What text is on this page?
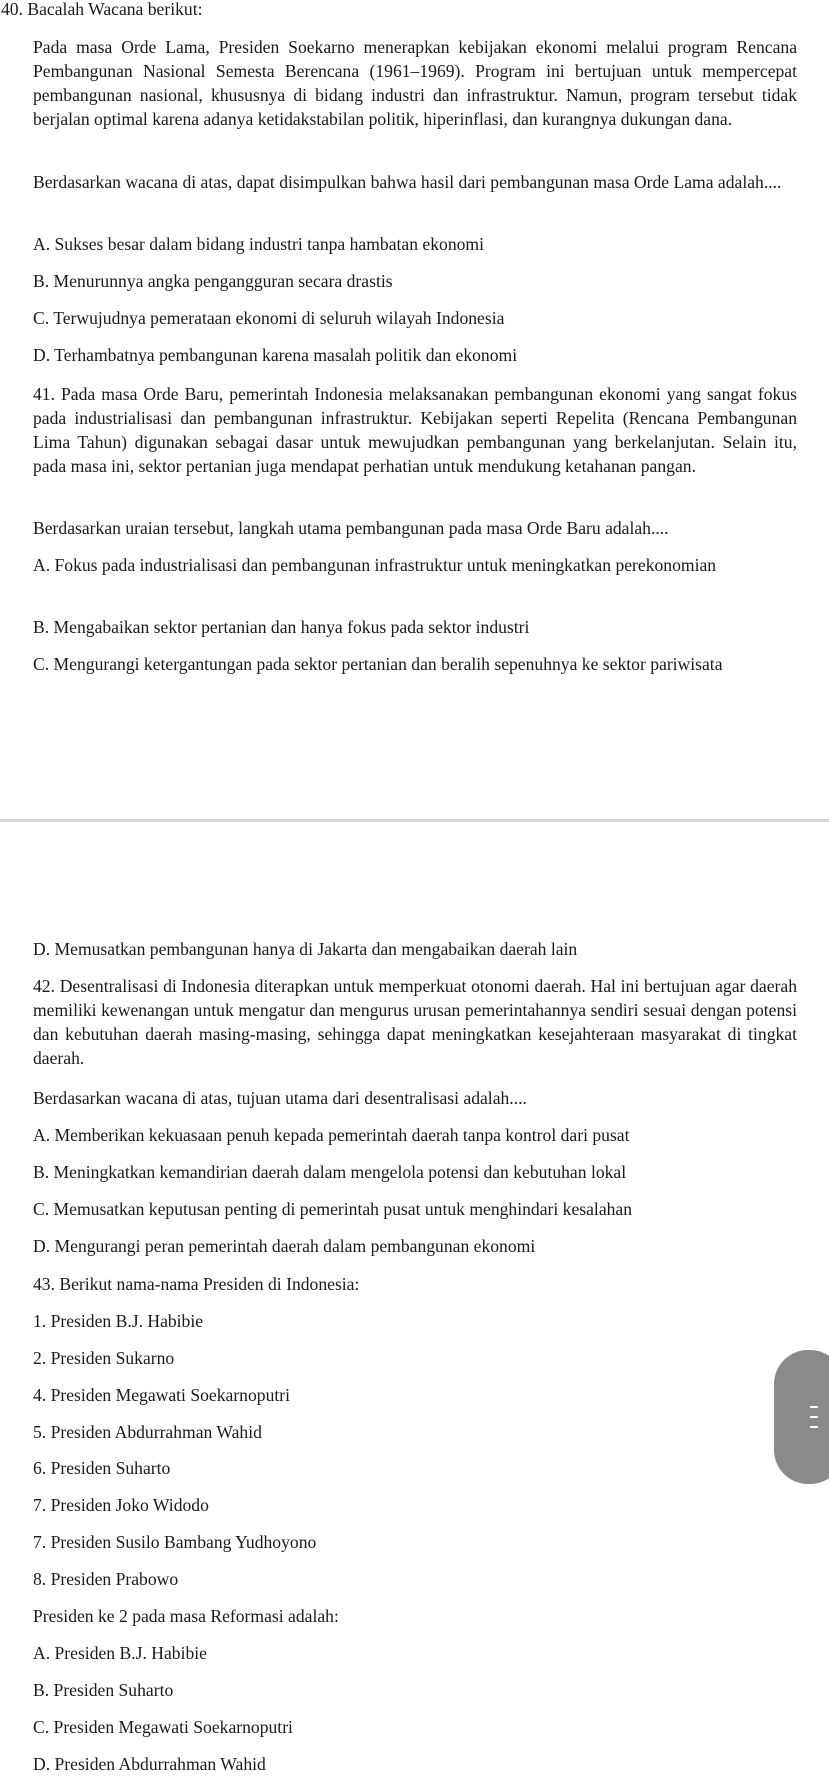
40. Bacalah Wacana berikut:

Pada masa Orde Lama, Presiden Soekarno menerapkan kebijakan ekonomi melalui program Rencana Pembangunan Nasional Semesta Berencana (1961–1969). Program ini bertujuan untuk mempercepat pembangunan nasional, khususnya di bidang industri dan infrastruktur. Namun, program tersebut tidak berjalan optimal karena adanya ketidakstabilan politik, hiperinflasi, dan kurangnya dukungan dana.

Berdasarkan wacana di atas, dapat disimpulkan bahwa hasil dari pembangunan masa Orde Lama adalah....

A. Sukses besar dalam bidang industri tanpa hambatan ekonomi

B. Menurunnya angka pengangguran secara drastis

C. Terwujudnya pemerataan ekonomi di seluruh wilayah Indonesia

D. Terhambatnya pembangunan karena masalah politik dan ekonomi

41. Pada masa Orde Baru, pemerintah Indonesia melaksanakan pembangunan ekonomi yang sangat fokus pada industrialisasi dan pembangunan infrastruktur. Kebijakan seperti Repelita (Rencana Pembangunan Lima Tahun) digunakan sebagai dasar untuk mewujudkan pembangunan yang berkelanjutan. Selain itu, pada masa ini, sektor pertanian juga mendapat perhatian untuk mendukung ketahanan pangan.

Berdasarkan uraian tersebut, langkah utama pembangunan pada masa Orde Baru adalah....

A. Fokus pada industrialisasi dan pembangunan infrastruktur untuk meningkatkan perekonomian

B. Mengabaikan sektor pertanian dan hanya fokus pada sektor industri

C. Mengurangi ketergantungan pada sektor pertanian dan beralih sepenuhnya ke sektor pariwisata

D. Memusatkan pembangunan hanya di Jakarta dan mengabaikan daerah lain

42. Desentralisasi di Indonesia diterapkan untuk memperkuat otonomi daerah. Hal ini bertujuan agar daerah memiliki kewenangan untuk mengatur dan mengurus urusan pemerintahannya sendiri sesuai dengan potensi dan kebutuhan daerah masing-masing, sehingga dapat meningkatkan kesejahteraan masyarakat di tingkat daerah.

Berdasarkan wacana di atas, tujuan utama dari desentralisasi adalah....

A. Memberikan kekuasaan penuh kepada pemerintah daerah tanpa kontrol dari pusat

B. Meningkatkan kemandirian daerah dalam mengelola potensi dan kebutuhan lokal

C. Memusatkan keputusan penting di pemerintah pusat untuk menghindari kesalahan

D. Mengurangi peran pemerintah daerah dalam pembangunan ekonomi

43. Berikut nama-nama Presiden di Indonesia:

1. Presiden B.J. Habibie

2. Presiden Sukarno

4. Presiden Megawati Soekarnoputri

5. Presiden Abdurrahman Wahid

6. Presiden Suharto

7. Presiden Joko Widodo

7. Presiden Susilo Bambang Yudhoyono

8. Presiden Prabowo

Presiden ke 2 pada masa Reformasi adalah:

A. Presiden B.J. Habibie

B. Presiden Suharto

C. Presiden Megawati Soekarnoputri

D. Presiden Abdurrahman Wahid
